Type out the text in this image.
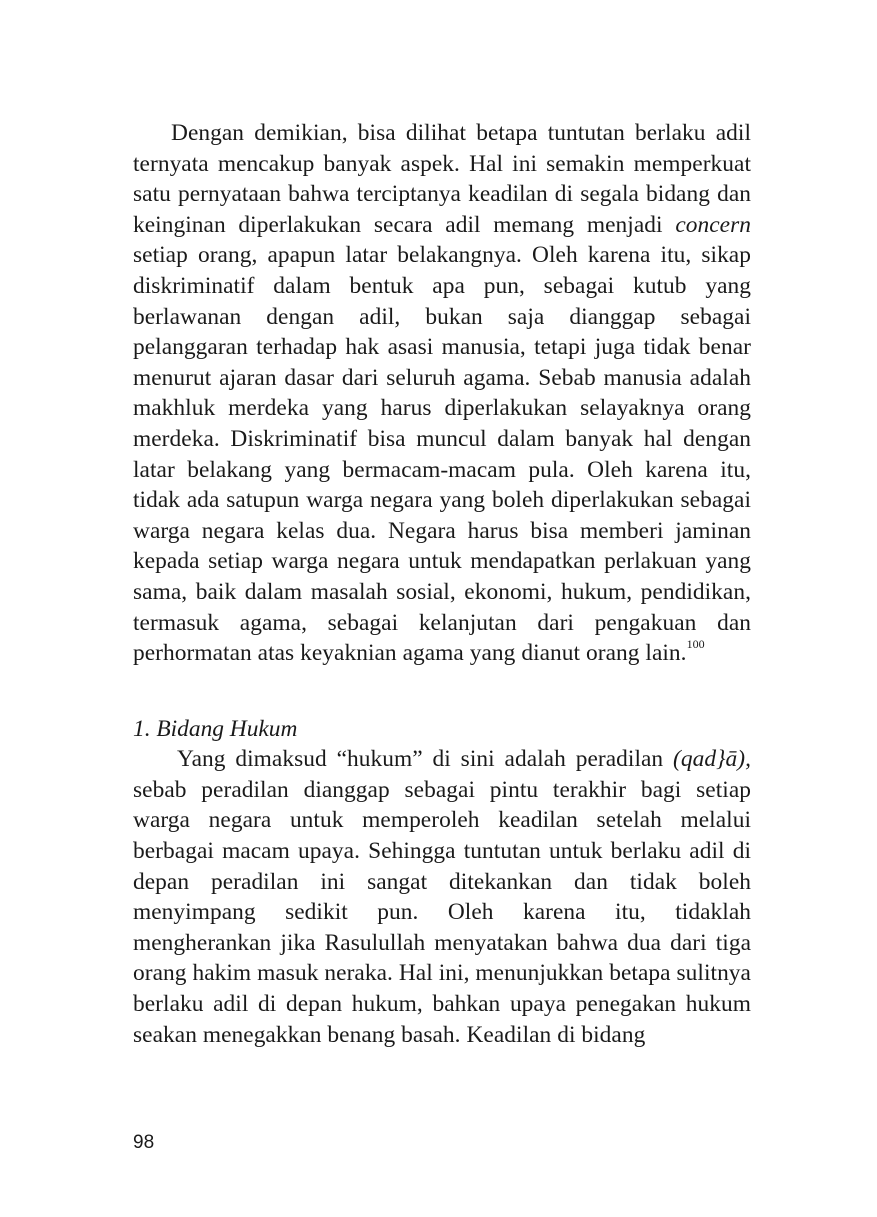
Dengan demikian, bisa dilihat betapa tuntutan berlaku adil ternyata mencakup banyak aspek. Hal ini semakin memperkuat satu pernyataan bahwa terciptanya keadilan di segala bidang dan keinginan diperlakukan secara adil memang menjadi concern setiap orang, apapun latar belakangnya. Oleh karena itu, sikap diskriminatif dalam bentuk apa pun, sebagai kutub yang berlawanan dengan adil, bukan saja dianggap sebagai pelanggaran terhadap hak asasi manusia, tetapi juga tidak benar menurut ajaran dasar dari seluruh agama. Sebab manusia adalah makhluk merdeka yang harus diperlakukan selayaknya orang merdeka. Diskriminatif bisa muncul dalam banyak hal dengan latar belakang yang bermacam-macam pula. Oleh karena itu, tidak ada satupun warga negara yang boleh diperlakukan sebagai warga negara kelas dua. Negara harus bisa memberi jaminan kepada setiap warga negara untuk mendapatkan perlakuan yang sama, baik dalam masalah sosial, ekonomi, hukum, pendidikan, termasuk agama, sebagai kelanjutan dari pengakuan dan perhormatan atas keyaknian agama yang dianut orang lain.$^{100}$

1. Bidang Hukum

Yang dimaksud “hukum” di sini adalah peradilan (qad}ā), sebab peradilan dianggap sebagai pintu terakhir bagi setiap warga negara untuk memperoleh keadilan setelah melalui berbagai macam upaya. Sehingga tuntutan untuk berlaku adil di depan peradilan ini sangat ditekankan dan tidak boleh menyimpang sedikit pun. Oleh karena itu, tidaklah mengherankan jika Rasulullah menyatakan bahwa dua dari tiga orang hakim masuk neraka. Hal ini, menunjukkan betapa sulitnya berlaku adil di depan hukum, bahkan upaya penegakan hukum seakan menegakkan benang basah. Keadilan di bidang

98
